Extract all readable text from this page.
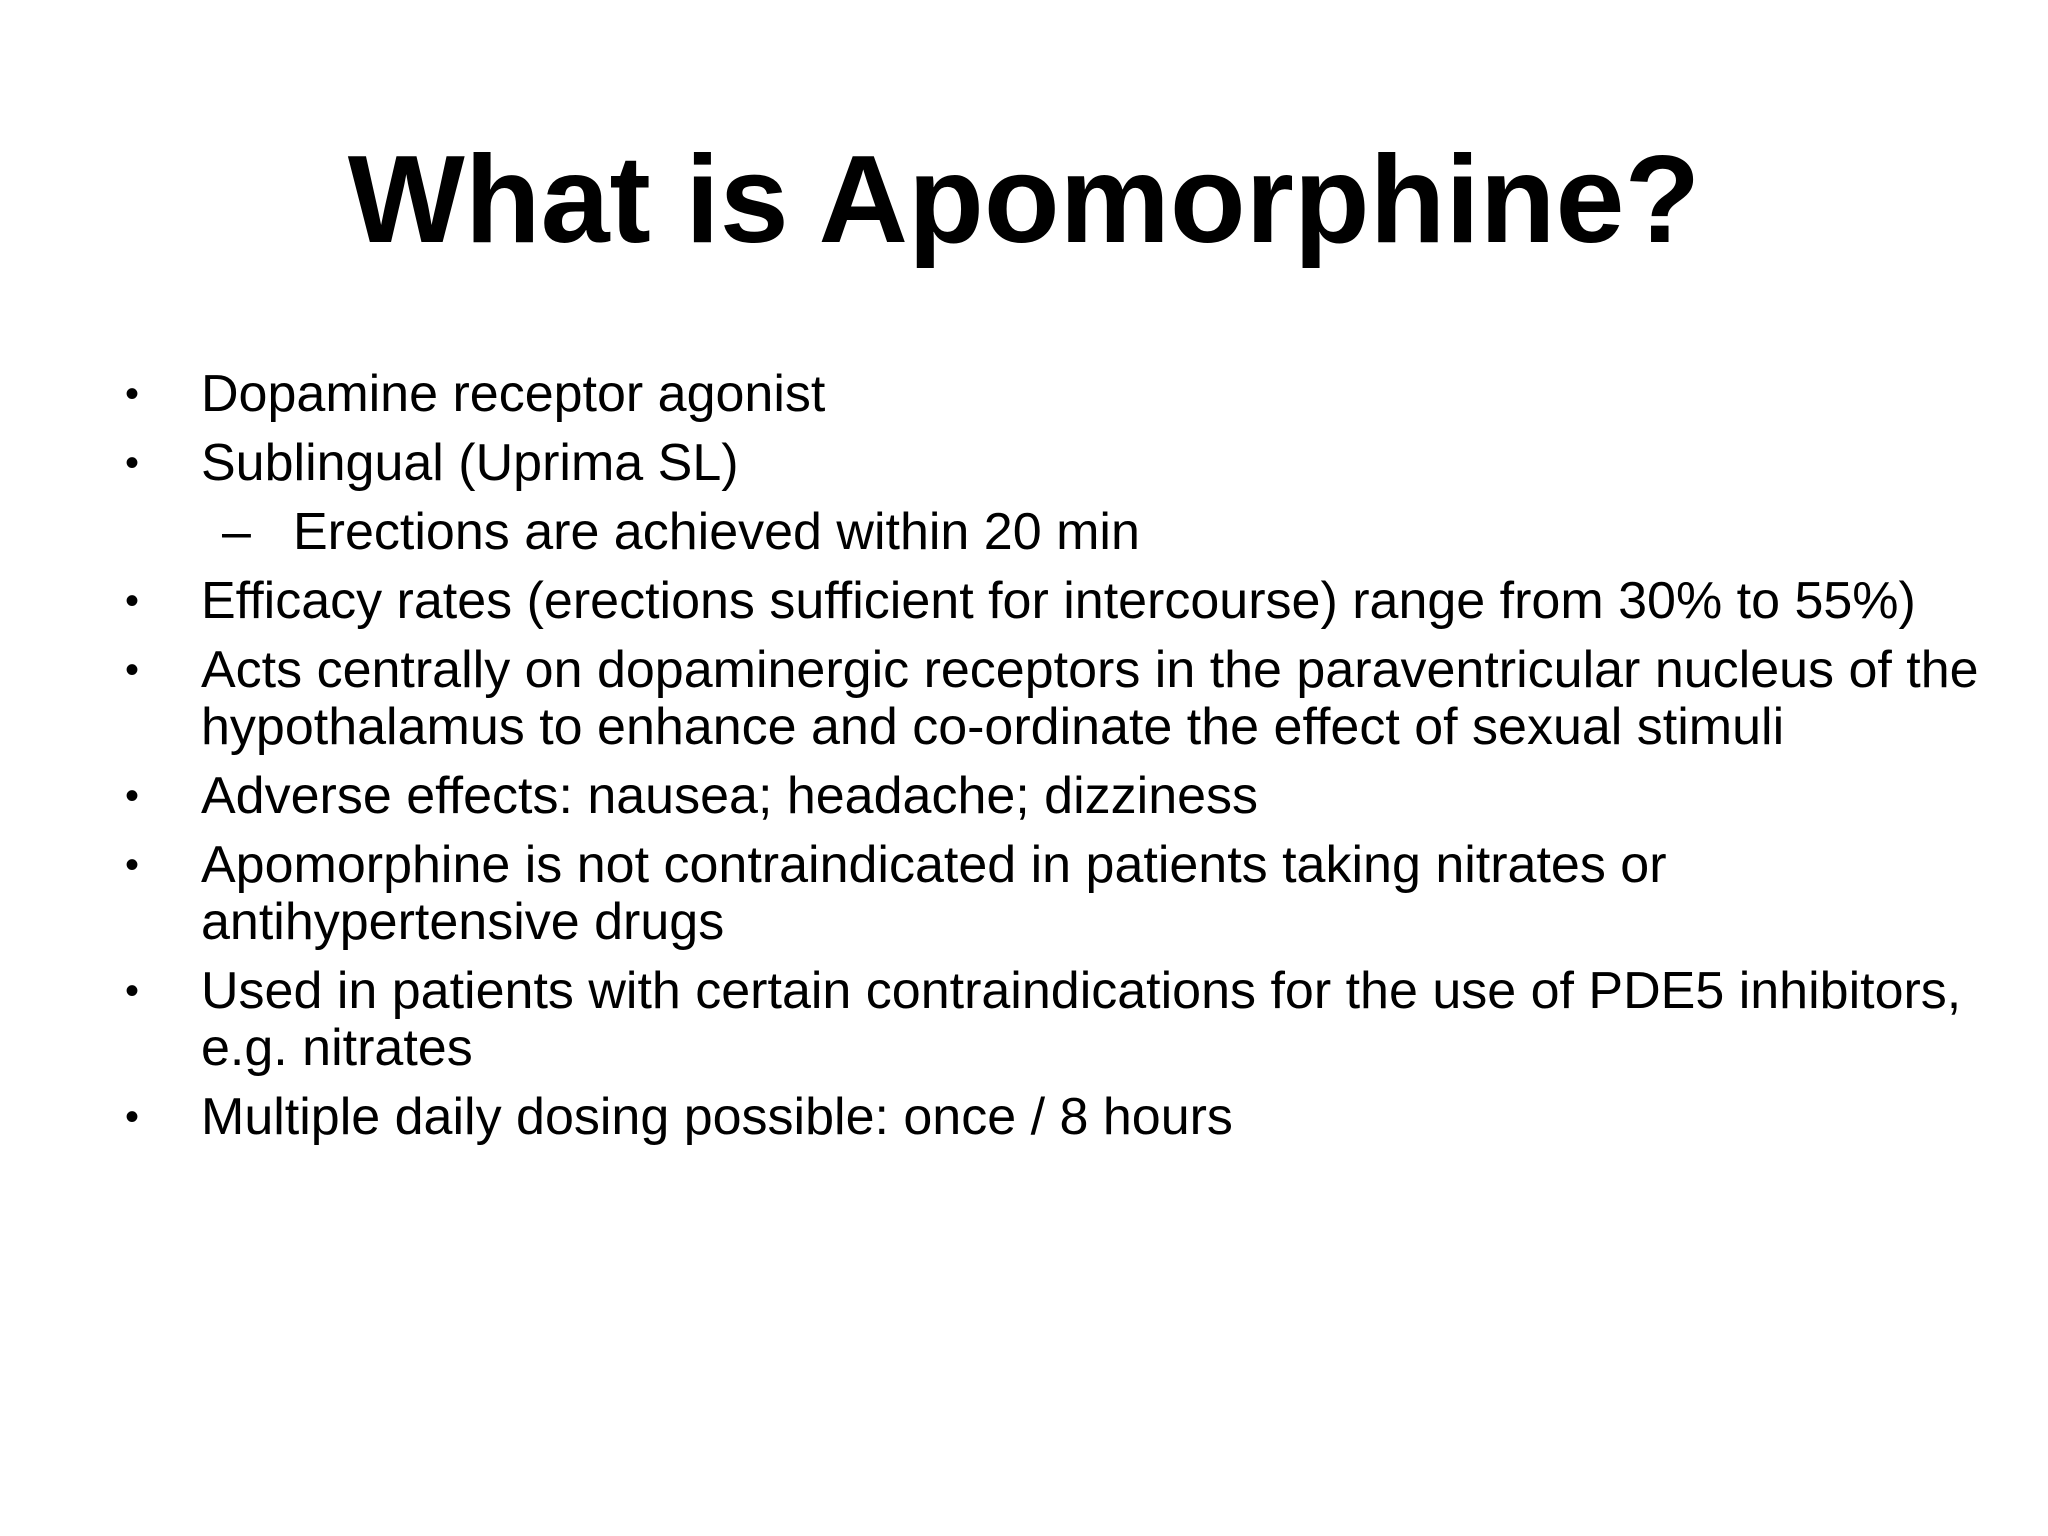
What is Apomorphine?
• Dopamine receptor agonist
• Sublingual (Uprima SL)
– Erections are achieved within 20 min
• Efficacy rates (erections sufficient for intercourse) range from 30% to 55%)
• Acts centrally on dopaminergic receptors in the paraventricular nucleus of the hypothalamus to enhance and co-ordinate the effect of sexual stimuli
• Adverse effects: nausea; headache; dizziness
• Apomorphine is not contraindicated in patients taking nitrates or antihypertensive drugs
• Used in patients with certain contraindications for the use of PDE5 inhibitors, e.g. nitrates
• Multiple daily dosing possible: once / 8 hours
